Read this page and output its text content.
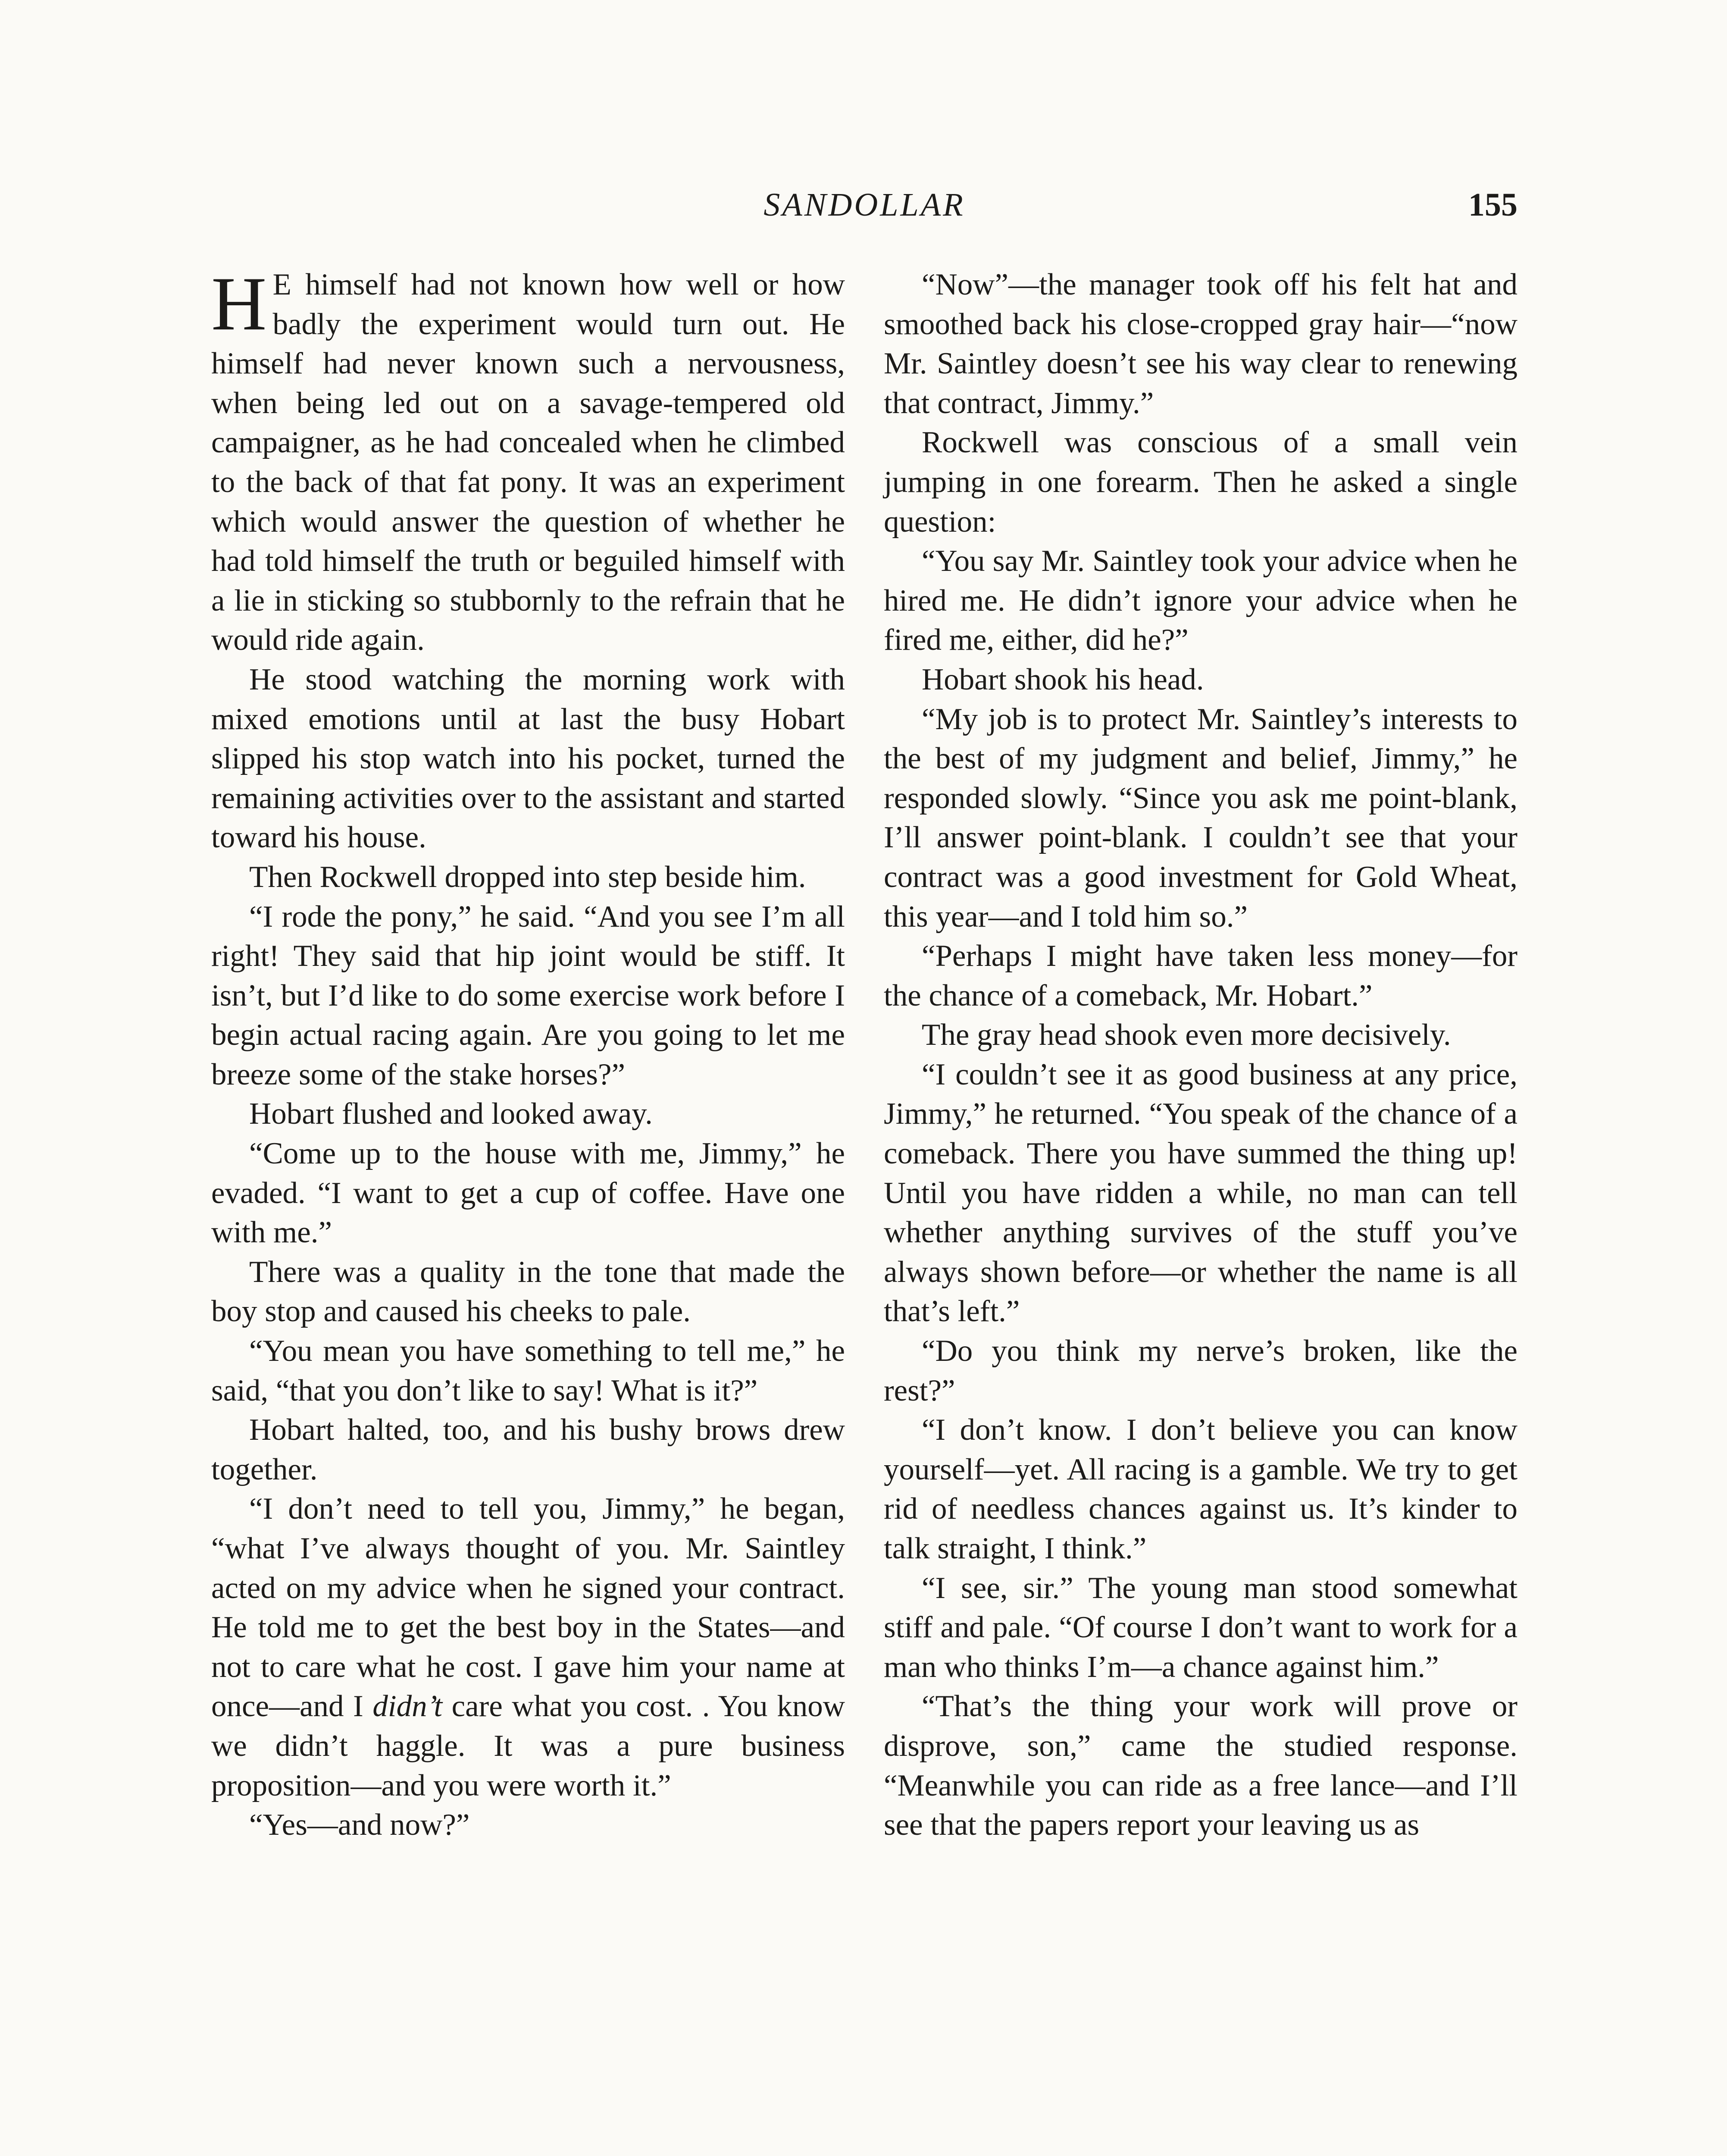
SANDOLLAR	155

H E himself had not known how well or how badly the experiment would turn out. He himself had never known such a nervousness, when being led out on a savage-tempered old campaigner, as he had concealed when he climbed to the back of that fat pony. It was an experiment which would answer the question of whether he had told himself the truth or beguiled himself with a lie in sticking so stubbornly to the refrain that he would ride again.

He stood watching the morning work with mixed emotions until at last the busy Hobart slipped his stop watch into his pocket, turned the remaining activities over to the assistant and started toward his house.

Then Rockwell dropped into step beside him.

“I rode the pony,” he said. “And you see I’m all right! They said that hip joint would be stiff. It isn’t, but I’d like to do some exercise work before I begin actual racing again. Are you going to let me breeze some of the stake horses?”

Hobart flushed and looked away.

“Come up to the house with me, Jimmy,” he evaded. “I want to get a cup of coffee. Have one with me.”

There was a quality in the tone that made the boy stop and caused his cheeks to pale.

“You mean you have something to tell me,” he said, “that you don’t like to say! What is it?”

Hobart halted, too, and his bushy brows drew together.

“I don’t need to tell you, Jimmy,” he began, “what I’ve always thought of you. Mr. Saintley acted on my advice when he signed your contract. He told me to get the best boy in the States—and not to care what he cost. I gave him your name at once—and I didn’t care what you cost. . You know we didn’t haggle. It was a pure business proposition—and you were worth it.”

“Yes—and now?”

“Now”—the manager took off his felt hat and smoothed back his close-cropped gray hair—“now Mr. Saintley doesn’t see his way clear to renewing that contract, Jimmy.”

Rockwell was conscious of a small vein jumping in one forearm. Then he asked a single question:

“You say Mr. Saintley took your advice when he hired me. He didn’t ignore your advice when he fired me, either, did he?”

Hobart shook his head.

“My job is to protect Mr. Saintley’s interests to the best of my judgment and belief, Jimmy,” he responded slowly. “Since you ask me point-blank, I’ll answer point-blank. I couldn’t see that your contract was a good investment for Gold Wheat, this year—and I told him so.”

“Perhaps I might have taken less money—for the chance of a comeback, Mr. Hobart.”

The gray head shook even more decisively.

“I couldn’t see it as good business at any price, Jimmy,” he returned. “You speak of the chance of a comeback. There you have summed the thing up! Until you have ridden a while, no man can tell whether anything survives of the stuff you’ve always shown before—or whether the name is all that’s left.”

“Do you think my nerve’s broken, like the rest?”

“I don’t know. I don’t believe you can know yourself—yet. All racing is a gamble. We try to get rid of needless chances against us. It’s kinder to talk straight, I think.”

“I see, sir.” The young man stood somewhat stiff and pale. “Of course I don’t want to work for a man who thinks I’m—a chance against him.”

“That’s the thing your work will prove or disprove, son,” came the studied response. “Meanwhile you can ride as a free lance—and I’ll see that the papers report your leaving us as
